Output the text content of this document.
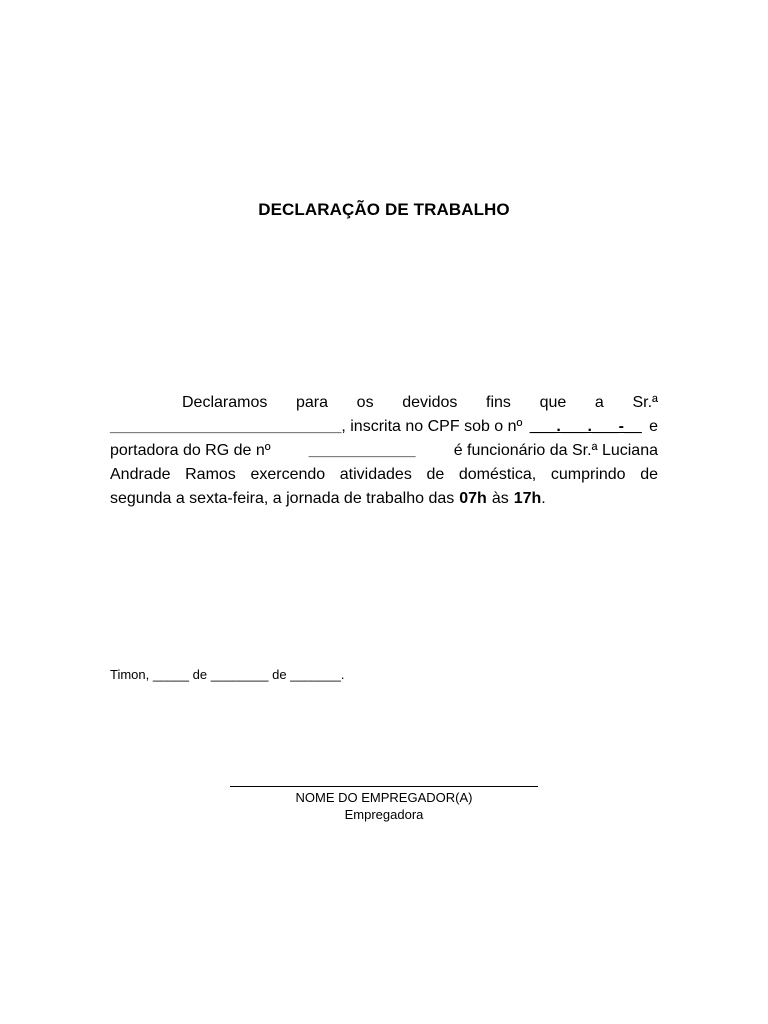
DECLARAÇÃO DE TRABALHO
Declaramos para os devidos fins que a Sr.ª
__________________________, inscrita no CPF sob o nº ___.___.___-__ e
portadora do RG de nº ____________ é funcionário da Sr.ª Luciana
Andrade Ramos exercendo atividades de doméstica, cumprindo de
segunda a sexta-feira, a jornada de trabalho das 07h às 17h.
Timon, _____ de ________ de _______.
NOME DO EMPREGADOR(A)
Empregadora
